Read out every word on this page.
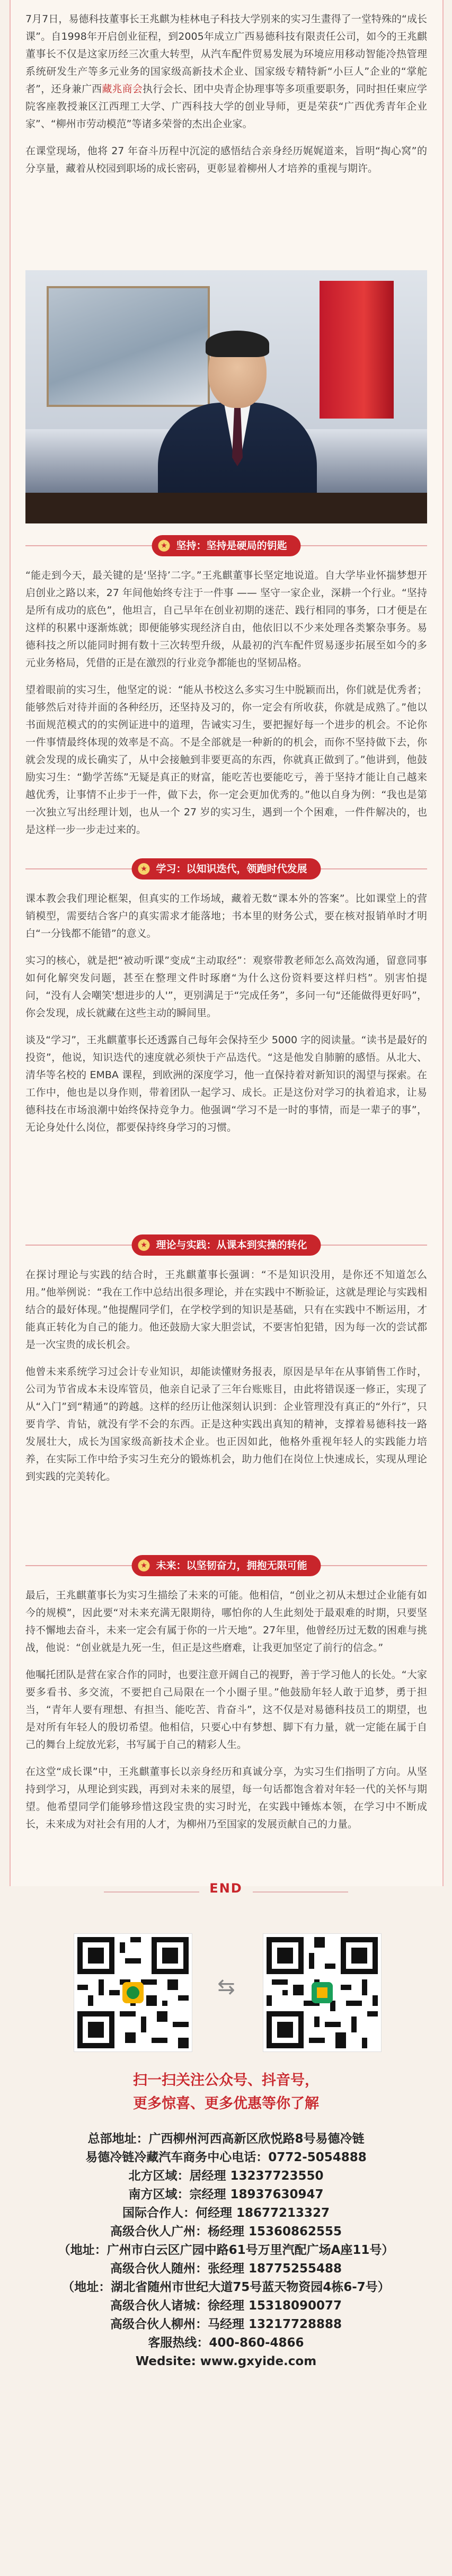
7月7日，易德科技董事长王兆麒为桂林电子科技大学别来的实习生畫得了一堂特殊的“成长课”。自1998年开启创业征程，到2005年成立广西易德科技有限责任公司，如今的王兆麒董事长不仅是这家历经三次重大转型，从汽车配件贸易发展为环境应用移动智能冷热管理系统研发生产等多元业务的国家级高新技术企业、国家级专精特新“小巨人”企业的“掌舵者”，还身兼广西藏兆商会执行会长、团中央青企协理事等多项重要职务，同时担任柬应学院客座教授兼区江西理工大学、广西科技大学的创业导师，更是荣获“广西优秀青年企业家”、“柳州市劳动模范”等诸多荣誉的杰出企业家。

在课堂现场，他将 27 年奋斗历程中沉淀的感悟结合亲身经历娓娓道来，旨明“掏心窝”的分享量，藏着从校园到职场的成长密码，更彰显着柳州人才培养的重视与期许。

★ 坚持：坚持是硬局的钥匙

“能走到今天，最关键的是‘坚持’二字。”王兆麒董事长坚定地说道。自大学毕业怀揣梦想开启创业之路以来，27 年间他始终专注于一件事 —— 坚守一家企业，深耕一个行业。“坚持是所有成功的底色”，他坦言，自己早年在创业初期的迷茫、践行相同的事务，口才便是在这样的积累中逐渐炼就；即便能够实现经济自由，他依旧以不少来处理各类繁杂事务。易德科技之所以能同时拥有数十三次转型升级，从最初的汽车配件贸易逐步拓展至如今的多元业务格局，凭借的正是在激烈的行业竞争都能也的坚韧品格。

望着眼前的实习生，他坚定的说：“能从书校这么多实习生中脱颖而出，你们就是优秀者；能够然后对待并面的各种经历，还坚持及习的，你一定会有所收获，你就是成熟了。”他以书面规范模式的的实例证进中的道理，告诫实习生，要把握好每一个进步的机会。不论你一件事情最终体现的效率是不高。不是全部就是一种新的的机会，而你不坚持做下去，你就会发现的成长确实了，从中会接触到非要更高的东西，你就真正做到了。”他讲到，他鼓励实习生：“勤学苦练”无疑是真正的财富，能吃苦也要能吃亏，善于坚持才能让自己越来越优秀，让事情不止步于一件，做下去，你一定会更加优秀的。”他以自身为例：“我也是第一次独立写出经理计划，也从一个 27 岁的实习生，遇到一个个困难，一件件解决的，也是这样一步一步走过来的。

★ 学习：以知识迭代，领跑时代发展

课本教会我们理论框架，但真实的工作场域，藏着无数“课本外的答案”。比如课堂上的营销模型，需要结合客户的真实需求才能落地；书本里的财务公式，要在核对报销单时才明白“一分钱都不能错”的意义。

实习的核心，就是把“被动听课”变成“主动取经”：观察带教老师怎么高效沟通，留意同事如何化解突发问题，甚至在整理文件时琢磨“为什么这份资料要这样归档”。别害怕提问，“没有人会嘲笑'想进步的人'”，更别满足于“完成任务”，多问一句“还能做得更好吗”，你会发现，成长就藏在这些主动的瞬间里。

谈及“学习”，王兆麒董事长还透露自己每年会保持至少 5000 字的阅读量。“读书是最好的投资”，他说，知识迭代的速度就必须快于产品迭代。“这是他发自肺腑的感悟。从北大、清华等名校的 EMBA 课程，到欧洲的深度学习，他一直保持着对新知识的渴望与探索。在工作中，他也是以身作则，带着团队一起学习、成长。正是这份对学习的执着追求，让易德科技在市场浪潮中始终保持竞争力。他强调“学习不是一时的事情，而是一辈子的事”，无论身处什么岗位，都要保持终身学习的习惯。

★ 理论与实践：从课本到实操的转化

在探讨理论与实践的结合时，王兆麒董事长强调：“不是知识没用，是你还不知道怎么用。”他举例说：“我在工作中总结出很多理论，并在实践中不断验证，这就是理论与实践相结合的最好体现。”他提醒同学们，在学校学到的知识是基础，只有在实践中不断运用，才能真正转化为自己的能力。他还鼓励大家大胆尝试，不要害怕犯错，因为每一次的尝试都是一次宝贵的成长机会。

他曾未来系统学习过会计专业知识，却能读懂财务报表，原因是早年在从事销售工作时，公司为节省成本未设库管员，他亲自记录了三年台账账目，由此将错误逐一修正，实现了从“入门”到“精通”的跨越。这样的经历让他深刻认识到：企业管理没有真正的“外行”，只要肯学、肯钻，就没有学不会的东西。正是这种实践出真知的精神，支撑着易德科技一路发展壮大，成长为国家级高新技术企业。也正因如此，他格外重视年轻人的实践能力培养，在实际工作中给予实习生充分的锻炼机会，助力他们在岗位上快速成长，实现从理论到实践的完美转化。

★ 未来：以坚韧奋力，拥抱无限可能

最后，王兆麒董事长为实习生描绘了未来的可能。他相信，“创业之初从未想过企业能有如今的规模”，因此要“对未来充满无限期待，哪怕你的人生此刻处于最艰难的时期，只要坚持不懈地去奋斗，未来一定会有属于你的一片天地”。27年里，他曾经历过无数的困难与挑战，他说：“创业就是九死一生，但正是这些磨难，让我更加坚定了前行的信念。”

他嘱托团队是营在家合作的同时，也要注意开阔自己的视野，善于学习他人的长处。“大家要多看书、多交流，不要把自己局限在一个小圈子里。”他鼓励年轻人敢于追梦，勇于担当，“青年人要有理想、有担当、能吃苦、肯奋斗”，这不仅是对易德科技员工的期望，也是对所有年轻人的殷切希望。他相信，只要心中有梦想、脚下有力量，就一定能在属于自己的舞台上绽放光彩，书写属于自己的精彩人生。

在这堂“成长课”中，王兆麒董事长以亲身经历和真诚分享，为实习生们指明了方向。从坚持到学习，从理论到实践，再到对未来的展望，每一句话都饱含着对年轻一代的关怀与期望。他希望同学们能够珍惜这段宝贵的实习时光，在实践中锤炼本领，在学习中不断成长，未来成为对社会有用的人才，为柳州乃至国家的发展贡献自己的力量。

END
⇆
扫一扫关注公众号、抖音号，
更多惊喜、更多优惠等你了解
总部地址：广西柳州河西高新区欣悦路8号易德冷链
易德冷链冷藏汽车商务中心电话：0772-5054888
北方区域：居经理 13237723550
南方区域：宗经理 18937630947
国际合作人：何经理 18677213327
高级合伙人广州：杨经理 15360862555
（地址：广州市白云区广园中路61号万里汽配广场A座11号）
高级合伙人随州：张经理 18775255488
（地址：湖北省随州市世纪大道75号蓝天物资园4栋6-7号）
高级合伙人诸城：徐经理 15318090077
高级合伙人柳州：马经理 13217728888
客服热线：400-860-4866
Wedsite: www.gxyide.com
